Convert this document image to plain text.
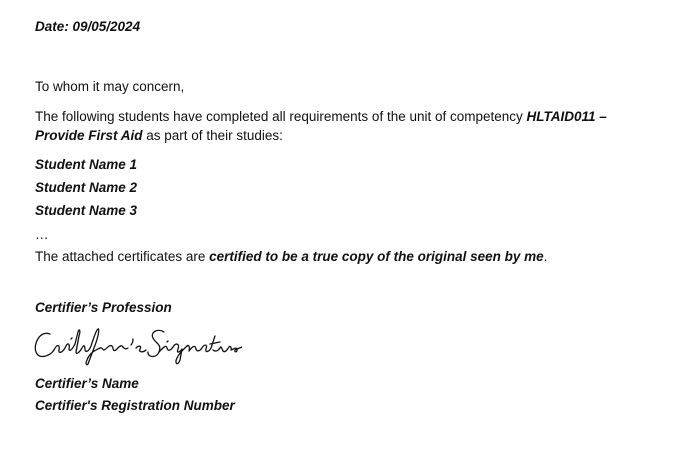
Date: 09/05/2024
To whom it may concern,
The following students have completed all requirements of the unit of competency HLTAID011 –
Provide First Aid as part of their studies:
Student Name 1
Student Name 2
Student Name 3
…
The attached certificates are certified to be a true copy of the original seen by me.
Certifier’s Profession
Certifier’s Name
Certifier's Registration Number
